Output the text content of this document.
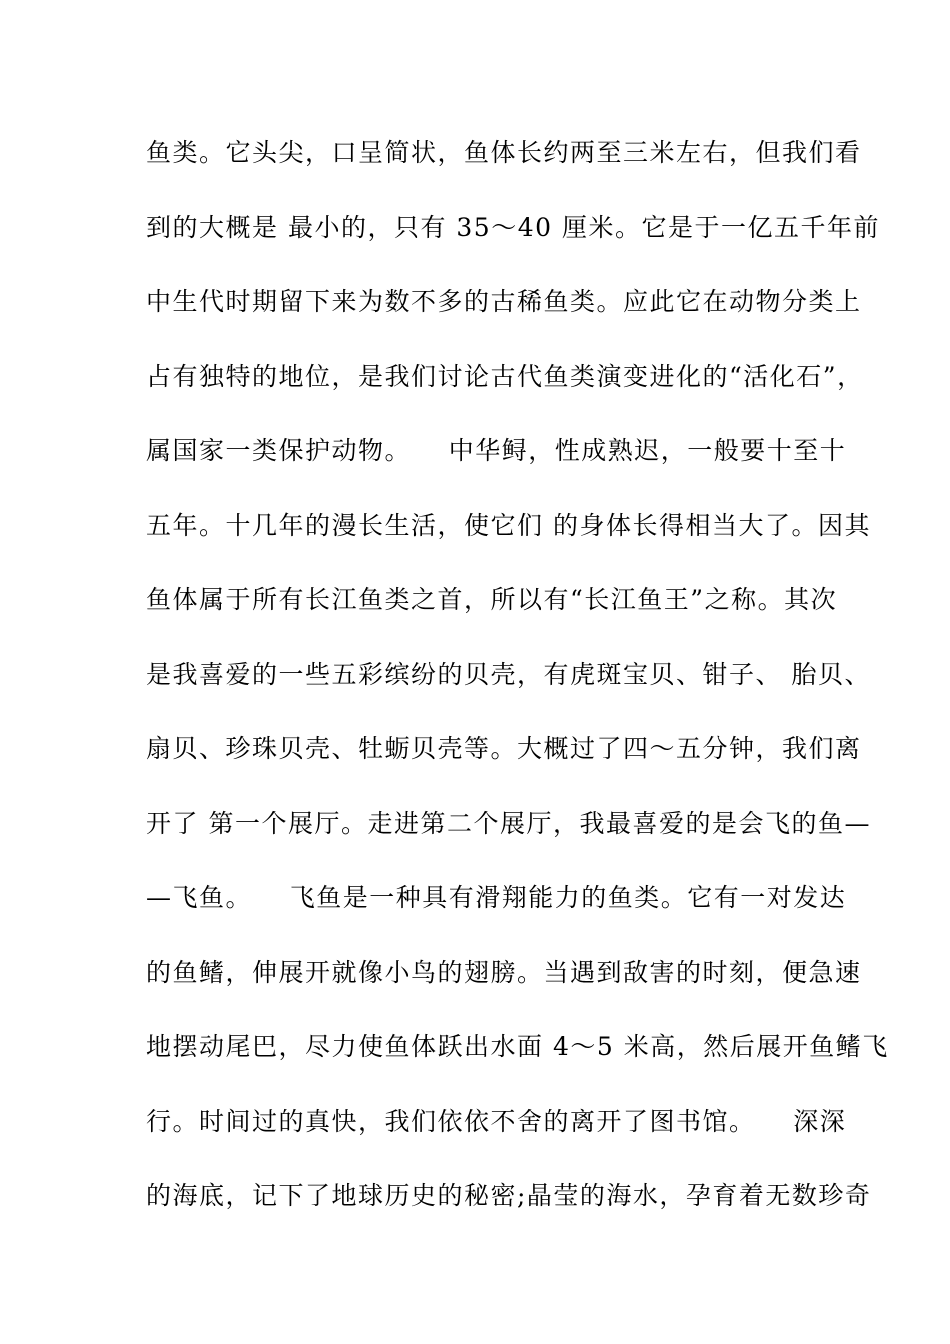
鱼类。它头尖，口呈简状，鱼体长约两至三米左右，但我们看
到的大概是 最小的，只有 35～40 厘米。它是于一亿五千年前
中生代时期留下来为数不多的古稀鱼类。应此它在动物分类上
占有独特的地位，是我们讨论古代鱼类演变进化的“活化石”，
属国家一类保护动物。    中华鲟，性成熟迟，一般要十至十
五年。十几年的漫长生活，使它们 的身体长得相当大了。因其
鱼体属于所有长江鱼类之首，所以有“长江鱼王”之称。其次
是我喜爱的一些五彩缤纷的贝壳，有虎斑宝贝、钳子、 胎贝、
扇贝、珍珠贝壳、牡蛎贝壳等。大概过了四～五分钟，我们离
开了 第一个展厅。走进第二个展厅，我最喜爱的是会飞的鱼—
—飞鱼。    飞鱼是一种具有滑翔能力的鱼类。它有一对发达
的鱼鳍，伸展开就像小鸟的翅膀。当遇到敌害的时刻，便急速
地摆动尾巴，尽力使鱼体跃出水面 4～5 米高，然后展开鱼鳍飞
行。时间过的真快，我们依依不舍的离开了图书馆。    深深
的海底，记下了地球历史的秘密;晶莹的海水，孕育着无数珍奇
